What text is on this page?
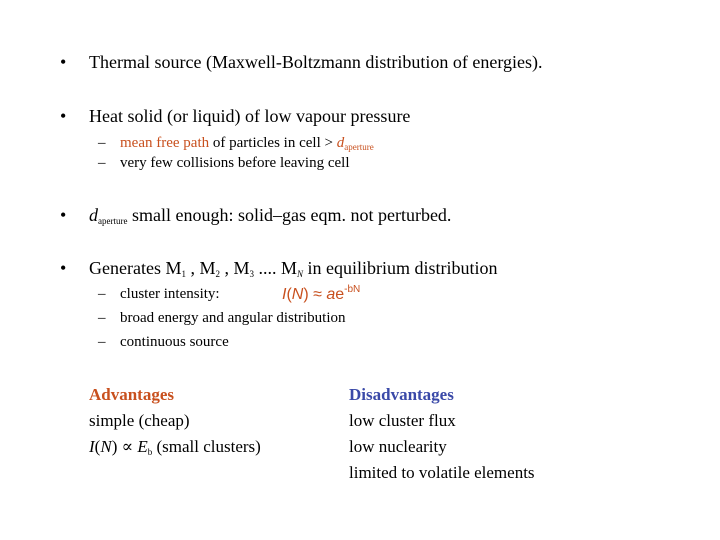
• Thermal source (Maxwell-Boltzmann distribution of energies).
• Heat solid (or liquid) of low vapour pressure
– mean free path of particles in cell > $d_{aperture}$
– very few collisions before leaving cell
• $d_{aperture}$ small enough: solid–gas eqm. not perturbed.
• Generates $M_1$ , $M_2$ , $M_3$ .... $M_N$ in equilibrium distribution
– cluster intensity:	$I(N) \approx ae^{-bN}$
– broad energy and angular distribution
– continuous source
Advantages
simple (cheap)
$I(N) \propto E_b$ (small clusters)
Disadvantages
low cluster flux
low nuclearity
limited to volatile elements
